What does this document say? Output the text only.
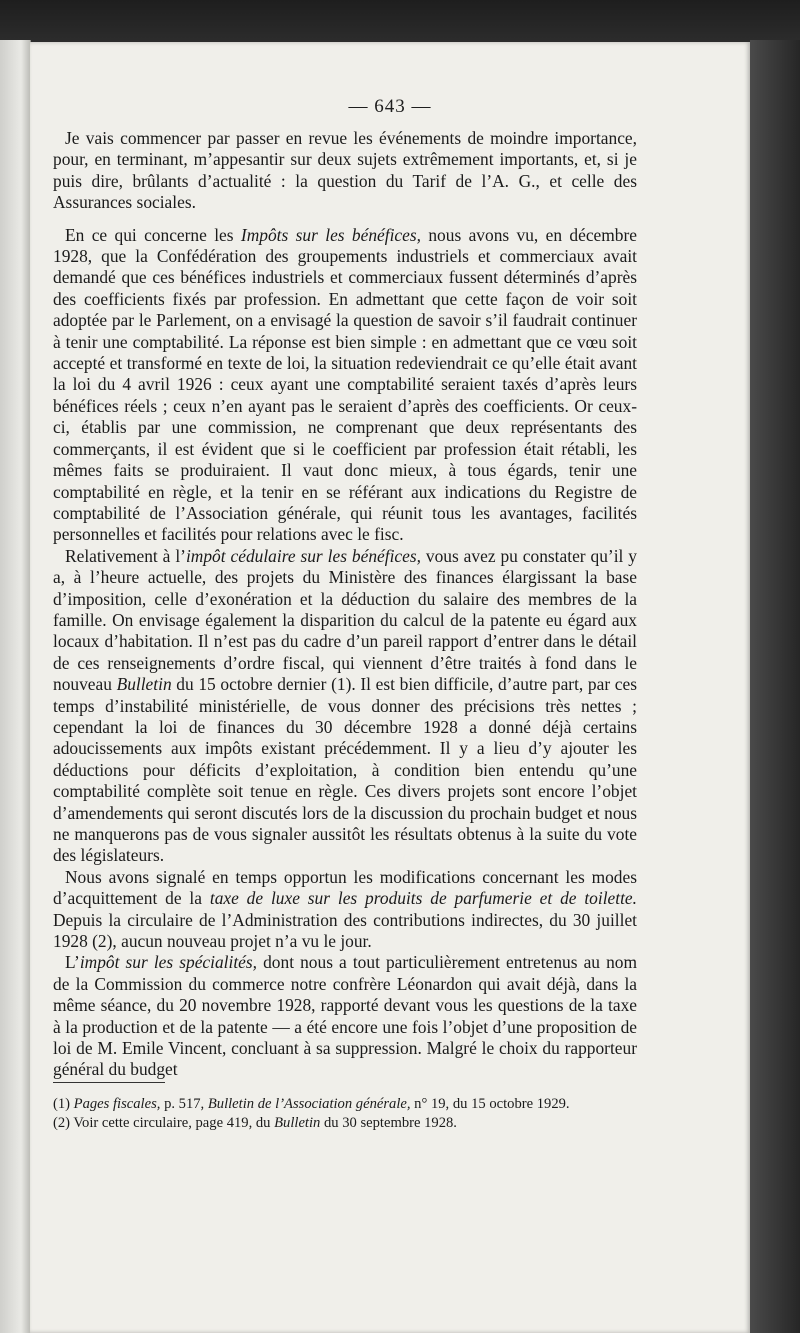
— 643 —

Je vais commencer par passer en revue les événements de moindre importance, pour, en terminant, m’appesantir sur deux sujets extrêmement importants, et, si je puis dire, brûlants d’actualité : la question du Tarif de l’A. G., et celle des Assurances sociales.

En ce qui concerne les Impôts sur les bénéfices, nous avons vu, en décembre 1928, que la Confédération des groupements industriels et commerciaux avait demandé que ces bénéfices industriels et commerciaux fussent déterminés d’après des coefficients fixés par profession. En admettant que cette façon de voir soit adoptée par le Parlement, on a envisagé la question de savoir s’il faudrait continuer à tenir une comptabilité. La réponse est bien simple : en admettant que ce vœu soit accepté et transformé en texte de loi, la situation redeviendrait ce qu’elle était avant la loi du 4 avril 1926 : ceux ayant une comptabilité seraient taxés d’après leurs bénéfices réels ; ceux n’en ayant pas le seraient d’après des coefficients. Or ceux-ci, établis par une commission, ne comprenant que deux représentants des commerçants, il est évident que si le coefficient par profession était rétabli, les mêmes faits se produiraient. Il vaut donc mieux, à tous égards, tenir une comptabilité en règle, et la tenir en se référant aux indications du Registre de comptabilité de l’Association générale, qui réunit tous les avantages, facilités personnelles et facilités pour relations avec le fisc.

Relativement à l’impôt cédulaire sur les bénéfices, vous avez pu constater qu’il y a, à l’heure actuelle, des projets du Ministère des finances élargissant la base d’imposition, celle d’exonération et la déduction du salaire des membres de la famille. On envisage également la disparition du calcul de la patente eu égard aux locaux d’habitation. Il n’est pas du cadre d’un pareil rapport d’entrer dans le détail de ces renseignements d’ordre fiscal, qui viennent d’être traités à fond dans le nouveau Bulletin du 15 octobre dernier (1). Il est bien difficile, d’autre part, par ces temps d’instabilité ministérielle, de vous donner des précisions très nettes ; cependant la loi de finances du 30 décembre 1928 a donné déjà certains adoucissements aux impôts existant précédemment. Il y a lieu d’y ajouter les déductions pour déficits d’exploitation, à condition bien entendu qu’une comptabilité complète soit tenue en règle. Ces divers projets sont encore l’objet d’amendements qui seront discutés lors de la discussion du prochain budget et nous ne manquerons pas de vous signaler aussitôt les résultats obtenus à la suite du vote des législateurs.

Nous avons signalé en temps opportun les modifications concernant les modes d’acquittement de la taxe de luxe sur les produits de parfumerie et de toilette. Depuis la circulaire de l’Administration des contributions indirectes, du 30 juillet 1928 (2), aucun nouveau projet n’a vu le jour.

L’impôt sur les spécialités, dont nous a tout particulièrement entretenus au nom de la Commission du commerce notre confrère Léonardon qui avait déjà, dans la même séance, du 20 novembre 1928, rapporté devant vous les questions de la taxe à la production et de la patente — a été encore une fois l’objet d’une proposition de loi de M. Emile Vincent, concluant à sa suppression. Malgré le choix du rapporteur général du budget

(1) Pages fiscales, p. 517, Bulletin de l’Association générale, n° 19, du 15 octobre 1929.

(2) Voir cette circulaire, page 419, du Bulletin du 30 septembre 1928.
